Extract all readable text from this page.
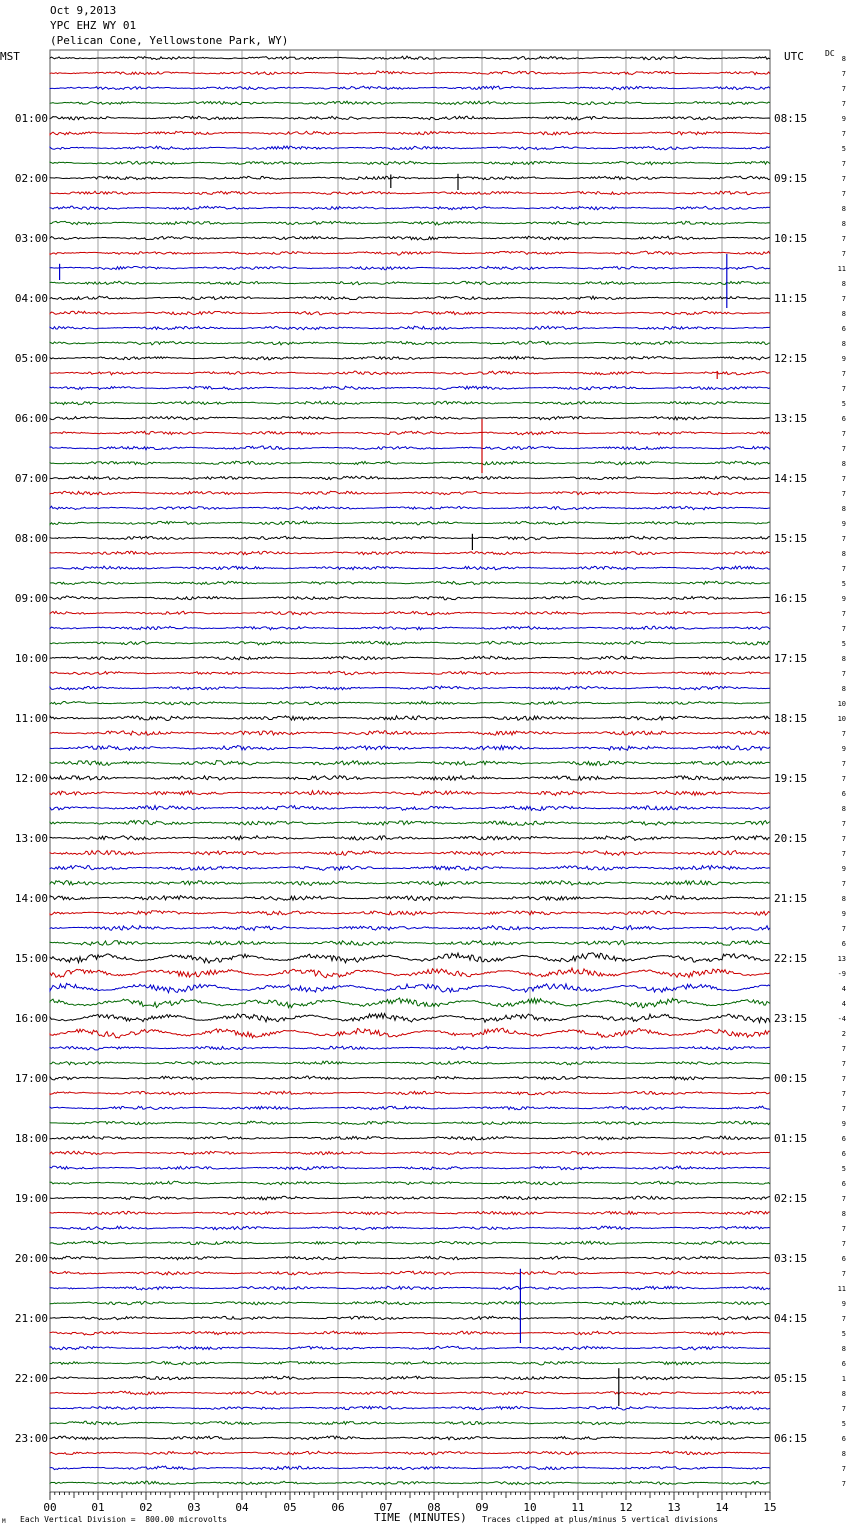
00	01	02	03	04	05	06	07	08	09	10	11	12	13	14	15
01:00
02:00
03:00
04:00
05:00
06:00
07:00
08:00
09:00
10:00
11:00
12:00
13:00
14:00
15:00
16:00
17:00
18:00
19:00
20:00
21:00
22:00
23:00
08:15
09:15
10:15
11:15
12:15
13:15
14:15
15:15
16:15
17:15
18:15
19:15
20:15
21:15
22:15
23:15
00:15
01:15
02:15
03:15
04:15
05:15
06:15
8
7
7
7
9
7
5
7
7
7
8
8
7
7
11
8
7
8
6
8
9
7
7
5
6
7
7
8
7
7
8
9
7
8
7
5
9
7
7
5
8
7
8
10
10
7
9
7
7
6
8
7
7
7
9
7
8
9
7
6
13
-9
4
4
-4
2
7
7
7
7
7
9
6
6
5
6
7
8
7
7
6
7
11
9
7
5
8
6
1
8
7
5
6
8
7
7
Oct 9,2013
YPC EHZ WY 01
(Pelican Cone, Yellowstone Park, WY)
MST	UTC	DC
M Each Vertical Division =  800.00 microvolts	TIME (MINUTES) Traces clipped at plus/minus 5 vertical divisions
